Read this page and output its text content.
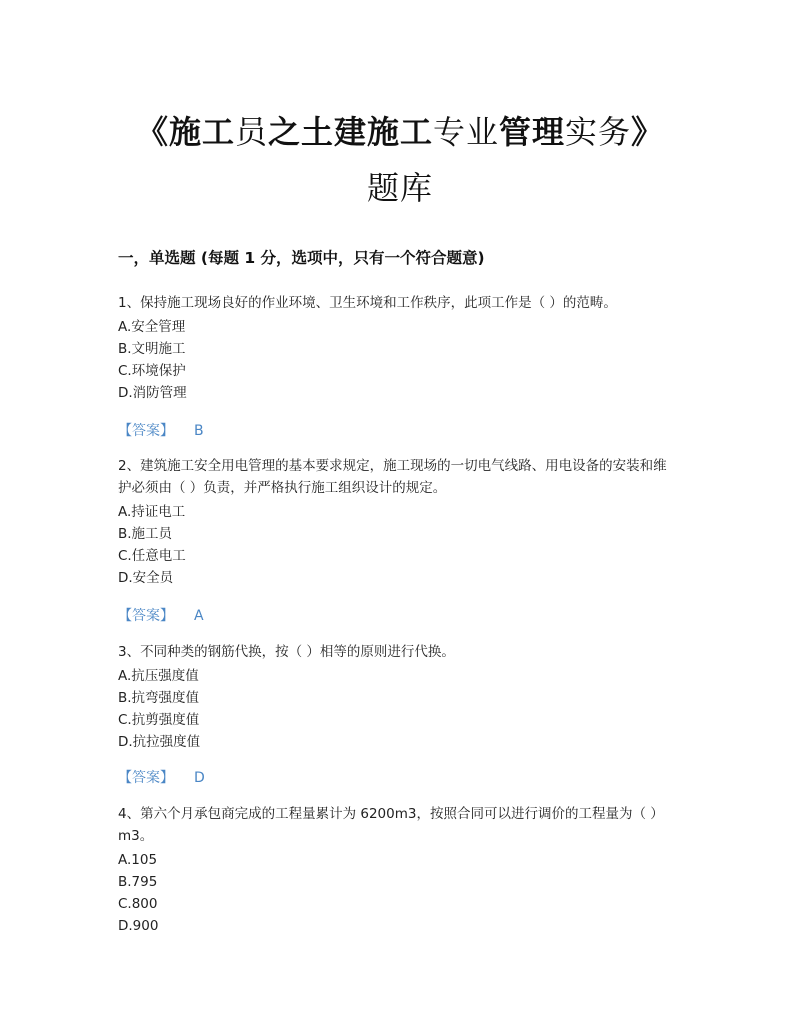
《施工员之土建施工专业管理实务》
题库
一，单选题 (每题 1 分，选项中，只有一个符合题意)
1、保持施工现场良好的作业环境、卫生环境和工作秩序，此项工作是（ ）的范畴。
A.安全管理
B.文明施工
C.环境保护
D.消防管理
【答案】 B
2、建筑施工安全用电管理的基本要求规定，施工现场的一切电气线路、用电设备的安装和维护必须由（ ）负责，并严格执行施工组织设计的规定。
A.持证电工
B.施工员
C.任意电工
D.安全员
【答案】 A
3、不同种类的钢筋代换，按（ ）相等的原则进行代换。
A.抗压强度值
B.抗弯强度值
C.抗剪强度值
D.抗拉强度值
【答案】 D
4、第六个月承包商完成的工程量累计为 6200m3，按照合同可以进行调价的工程量为（ ）m3。
A.105
B.795
C.800
D.900
